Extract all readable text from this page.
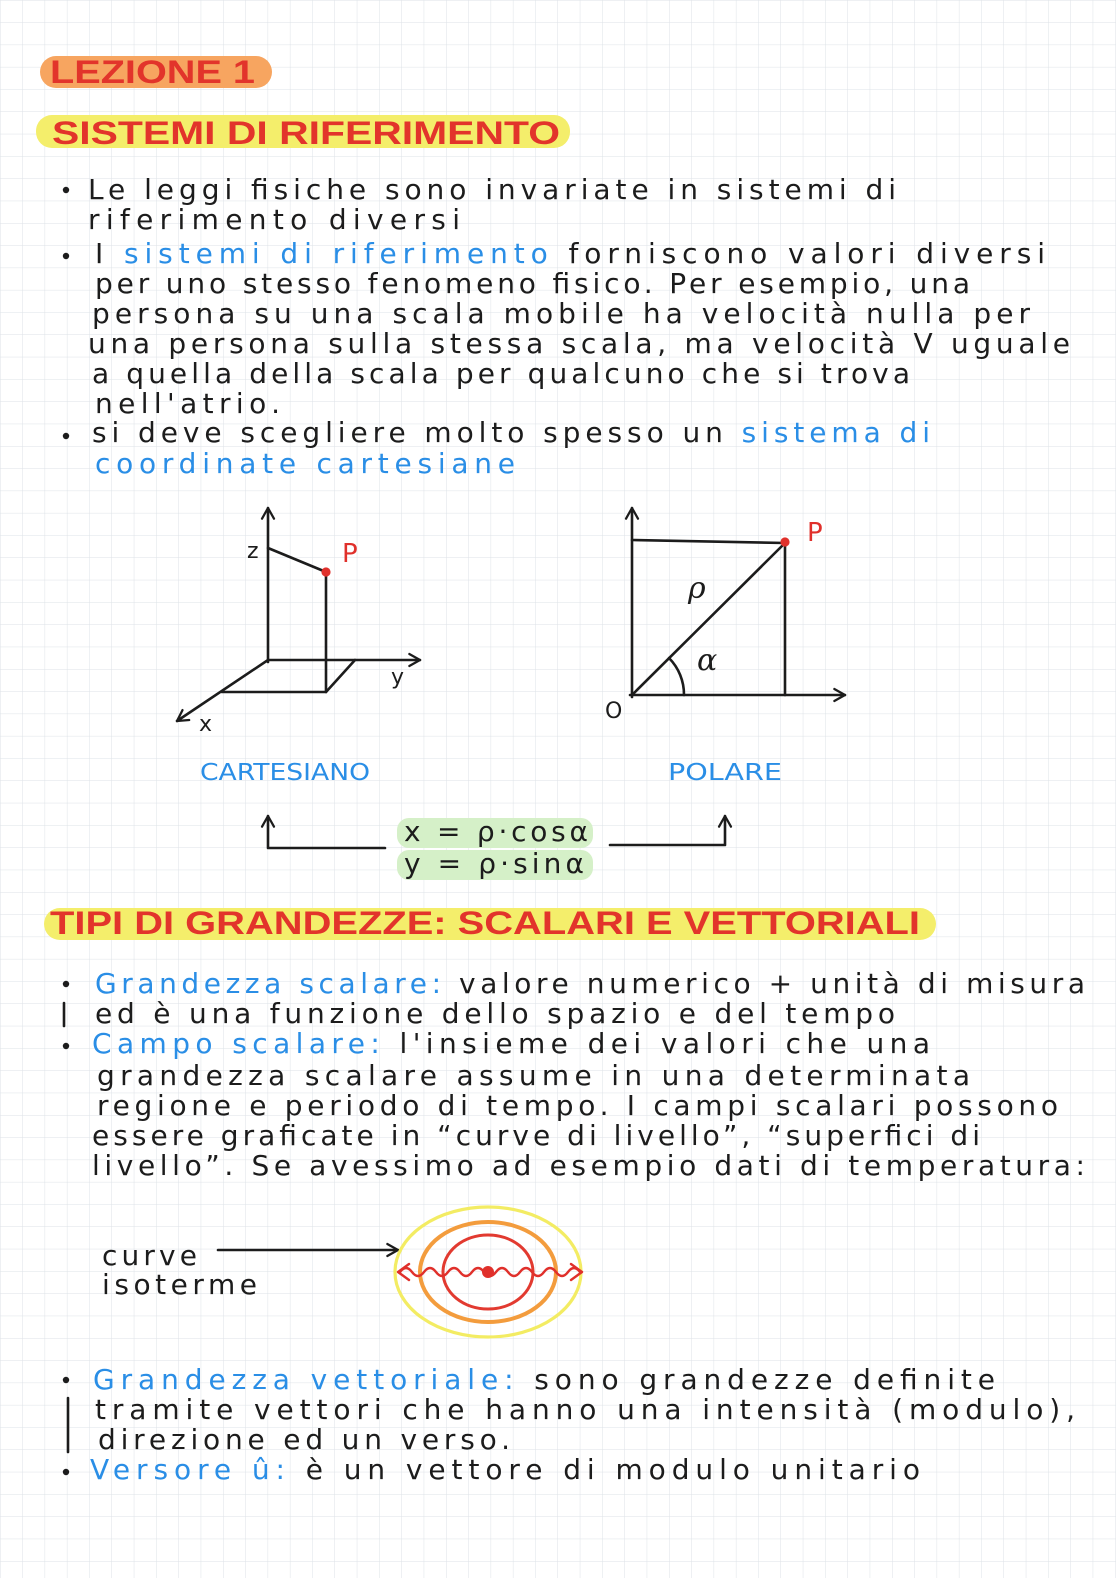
LEZIONE 1
SISTEMI DI RIFERIMENTO
Le leggi fisiche sono invariate in sistemi di
riferimento diversi
I sistemi di riferimento forniscono valori diversi
per uno stesso fenomeno fisico. Per esempio, una
persona su una scala mobile ha velocità nulla per
una persona sulla stessa scala, ma velocità V uguale
a quella della scala per qualcuno che si trova
nell'atrio.
si deve scegliere molto spesso un sistema di
coordinate cartesiane
z	P
y
x
CARTESIANO
P
ρ
α
O
POLARE
x = ρ·cosα
y = ρ·sinα
TIPI DI GRANDEZZE: SCALARI E VETTORIALI
Grandezza scalare: valore numerico + unità di misura
ed è una funzione dello spazio e del tempo
Campo scalare: l'insieme dei valori che una
grandezza scalare assume in una determinata
regione e periodo di tempo. I campi scalari possono
essere graficate in “curve di livello”, “superfici di
livello”. Se avessimo ad esempio dati di temperatura:
curve
isoterme
Grandezza vettoriale: sono grandezze definite
tramite vettori che hanno una intensità (modulo),
direzione ed un verso.
Versore û: è un vettore di modulo unitario
